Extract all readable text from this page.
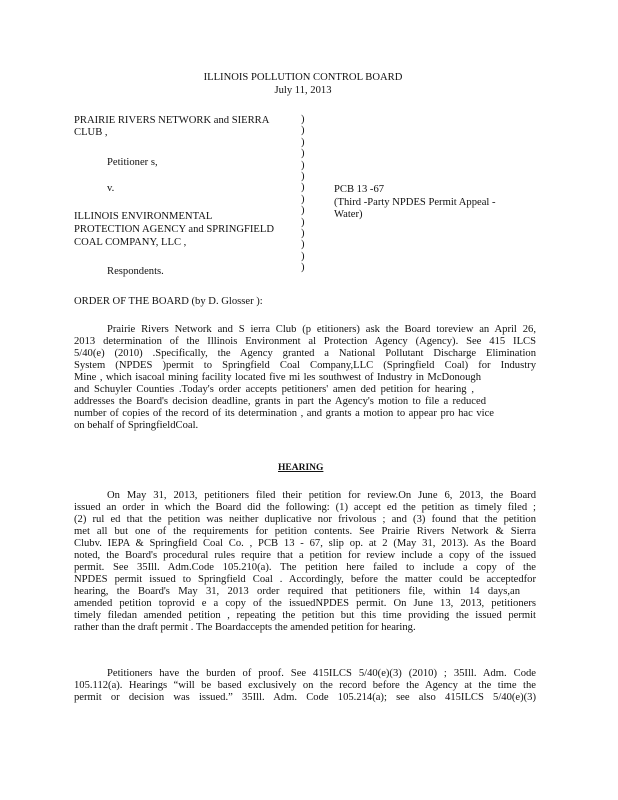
ILLINOIS POLLUTION CONTROL BOARD
July 11, 2013
PRAIRIE RIVERS NETWORK and SIERRA
CLUB ,
Petitioner s,
v.
ILLINOIS ENVIRONMENTAL
PROTECTION AGENCY and SPRINGFIELD
COAL COMPANY, LLC ,
Respondents.
)
)
)
)
)
)
)
)
)
)
)
)
)
)
PCB 13 -67
(Third -Party NPDES Permit Appeal -
Water)
ORDER OF THE BOARD (by D. Glosser ):
Prairie Rivers Network and S ierra Club (p etitioners) ask the Board toreview an April 26,
2013 determination of the Illinois Environment al Protection Agency (Agency). See 415 ILCS
5/40(e) (2010) .Specifically, the Agency granted a National Pollutant Discharge Elimination
System (NPDES )permit to Springfield Coal Company,LLC (Springfield Coal) for Industry
Mine , which isacoal mining facility located five mi les southwest of Industry in McDonough
and Schuyler Counties .Today's order accepts petitioners' amen ded petition for hearing ,
addresses the Board's decision deadline, grants in part the Agency's motion to file a reduced
number of copies of the record of its determination , and grants a motion to appear pro hac vice
on behalf of SpringfieldCoal.
HEARING
On May 31, 2013, petitioners filed their petition for review.On June 6, 2013, the Board
issued an order in which the Board did the following: (1) accept ed the petition as timely filed ;
(2) rul ed that the petition was neither duplicative nor frivolous ; and (3) found that the petition
met all but one of the requirements for petition contents. See Prairie Rivers Network & Sierra
Clubv. IEPA & Springfield Coal Co. , PCB 13 - 67, slip op. at 2 (May 31, 2013). As the Board
noted, the Board's procedural rules require that a petition for review include a copy of the issued
permit. See 35Ill. Adm.Code 105.210(a). The petition here failed to include a copy of the
NPDES permit issued to Springfield Coal . Accordingly, before the matter could be acceptedfor
hearing, the Board's May 31, 2013 order required that petitioners file, within 14 days,an
amended petition toprovid e a copy of the issuedNPDES permit. On June 13, 2013, petitioners
timely filedan amended petition , repeating the petition but this time providing the issued permit
rather than the draft permit . The Boardaccepts the amended petition for hearing.
Petitioners have the burden of proof. See 415ILCS 5/40(e)(3) (2010) ; 35Ill. Adm. Code
105.112(a). Hearings “will be based exclusively on the record before the Agency at the time the
permit or decision was issued.” 35Ill. Adm. Code 105.214(a); see also 415ILCS 5/40(e)(3)
